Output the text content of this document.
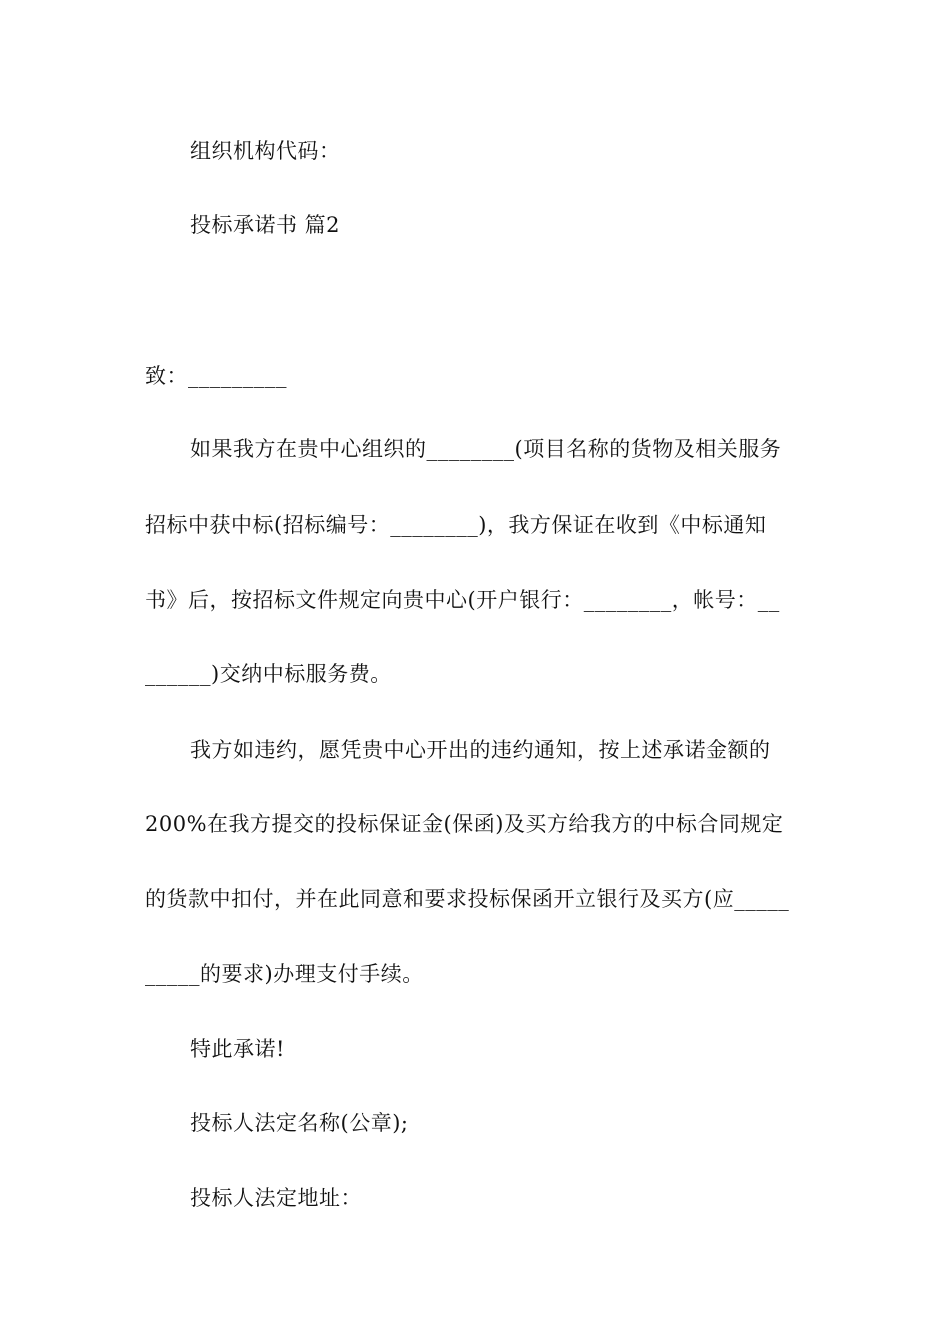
组织机构代码：
投标承诺书 篇2
致：_________
如果我方在贵中心组织的________(项目名称的货物及相关服务
招标中获中标(招标编号：________)，我方保证在收到《中标通知
书》后，按招标文件规定向贵中心(开户银行：________，帐号：__
______)交纳中标服务费。
我方如违约，愿凭贵中心开出的违约通知，按上述承诺金额的
200%在我方提交的投标保证金(保函)及买方给我方的中标合同规定
的货款中扣付，并在此同意和要求投标保函开立银行及买方(应_____
_____的要求)办理支付手续。
特此承诺!
投标人法定名称(公章);
投标人法定地址：
